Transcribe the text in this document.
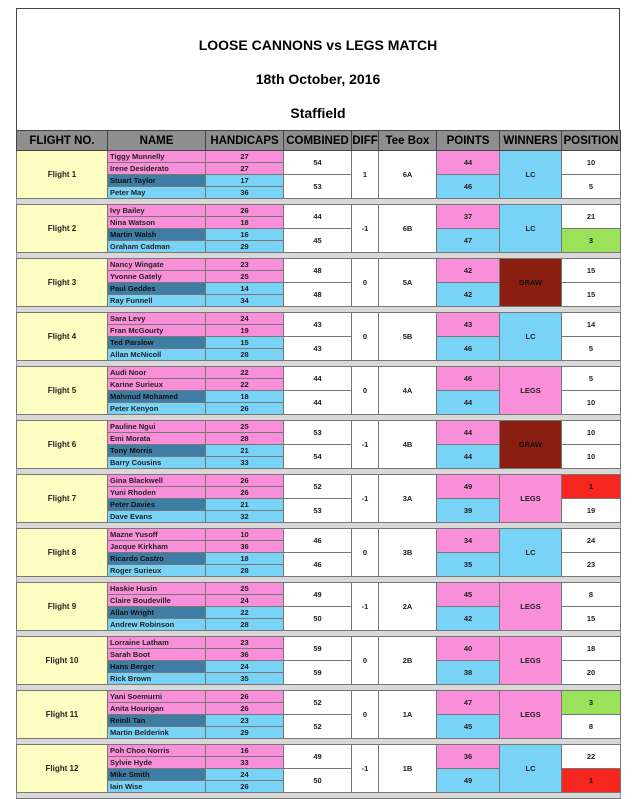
LOOSE CANNONS vs LEGS MATCH
18th October, 2016
Staffield
FLIGHT NO.	NAME	HANDICAPS	COMBINED	DIFF	Tee Box	POINTS	WINNERS	POSITION
Flight 1	Tiggy Munnelly	27	54	1	6A	44	LC	10
	Irene Desiderato	27						
	Stuart Taylor	17	53			46		5
	Peter May	36						

Flight 2	Ivy Bailey	26	44	-1	6B	37	LC	21
	Nina Watson	18						
	Martin Walsh	16	45			47		3
	Graham Cadman	29						

Flight 3	Nancy Wingate	23	48	0	5A	42	DRAW	15
	Yvonne Gately	25						
	Paul Geddes	14	48			42		15
	Ray Funnell	34						

Flight 4	Sara Levy	24	43	0	5B	43	LC	14
	Fran McGourty	19						
	Ted Parslow	15	43			46		5
	Allan McNicoll	28						

Flight 5	Audi Noor	22	44	0	4A	46	LEGS	5
	Karine Surieux	22						
	Mahmud Mohamed	18	44			44		10
	Peter Kenyon	26						

Flight 6	Pauline Ngui	25	53	-1	4B	44	DRAW	10
	Emi Morata	28						
	Tony Morris	21	54			44		10
	Barry Cousins	33						

Flight 7	Gina Blackwell	26	52	-1	3A	49	LEGS	1
	Yuni Rhoden	26						
	Peter Davies	21	53			39		19
	Dave Evans	32						

Flight 8	Mazne Yusoff	10	46	0	3B	34	LC	24
	Jacque Kirkham	36						
	Ricardo Castro	18	46			35		23
	Roger Surieux	28						

Flight 9	Haskie Husin	25	49	-1	2A	45	LEGS	8
	Claire Boudeville	24						
	Allan Wright	22	50			42		15
	Andrew Robinson	28						

Flight 10	Lorraine Latham	23	59	0	2B	40	LEGS	18
	Sarah Boot	36						
	Hans Berger	24	59			38		20
	Rick Brown	35						

Flight 11	Yani Soemurni	26	52	0	1A	47	LEGS	3
	Anita Hourigan	26						
	Reinli Tan	23	52			45		8
	Martin Belderink	29						

Flight 12	Poh Choo Norris	16	49	-1	1B	36	LC	22
	Sylvie Hyde	33						
	Mike Smith	24	50			49		1
	Iain Wise	26						
